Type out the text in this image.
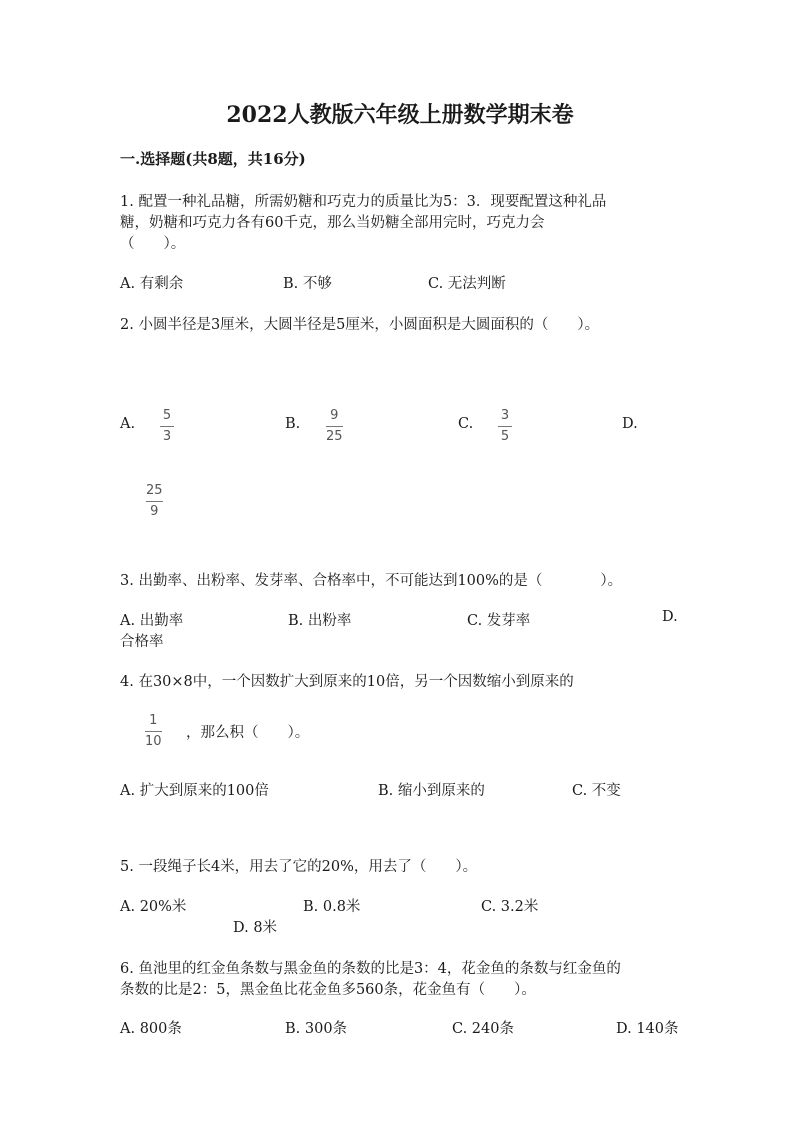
2022人教版六年级上册数学期末卷
一.选择题(共8题，共16分)
1. 配置一种礼品糖，所需奶糖和巧克力的质量比为5：3．现要配置这种礼品
糖，奶糖和巧克力各有60千克，那么当奶糖全部用完时，巧克力会
（　　）。
A. 有剩余	B. 不够	C. 无法判断
2. 小圆半径是3厘米，大圆半径是5厘米，小圆面积是大圆面积的（　　）。
A.
5
3
B.
9
25
C.
3
5
D.
25
9
3. 出勤率、出粉率、发芽率、合格率中，不可能达到100%的是（　　　　）。
A. 出勤率	B. 出粉率	C. 发芽率	D.
合格率
4. 在30×8中，一个因数扩大到原来的10倍，另一个因数缩小到原来的
1
10
，那么积（　　）。
A. 扩大到原来的100倍	B. 缩小到原来的	C. 不变
5. 一段绳子长4米，用去了它的20%，用去了（　　）。
A. 20%米	B. 0.8米	C. 3.2米
D. 8米
6. 鱼池里的红金鱼条数与黑金鱼的条数的比是3：4，花金鱼的条数与红金鱼的
条数的比是2：5，黑金鱼比花金鱼多560条，花金鱼有（　　）。
A. 800条	B. 300条	C. 240条	D. 140条
